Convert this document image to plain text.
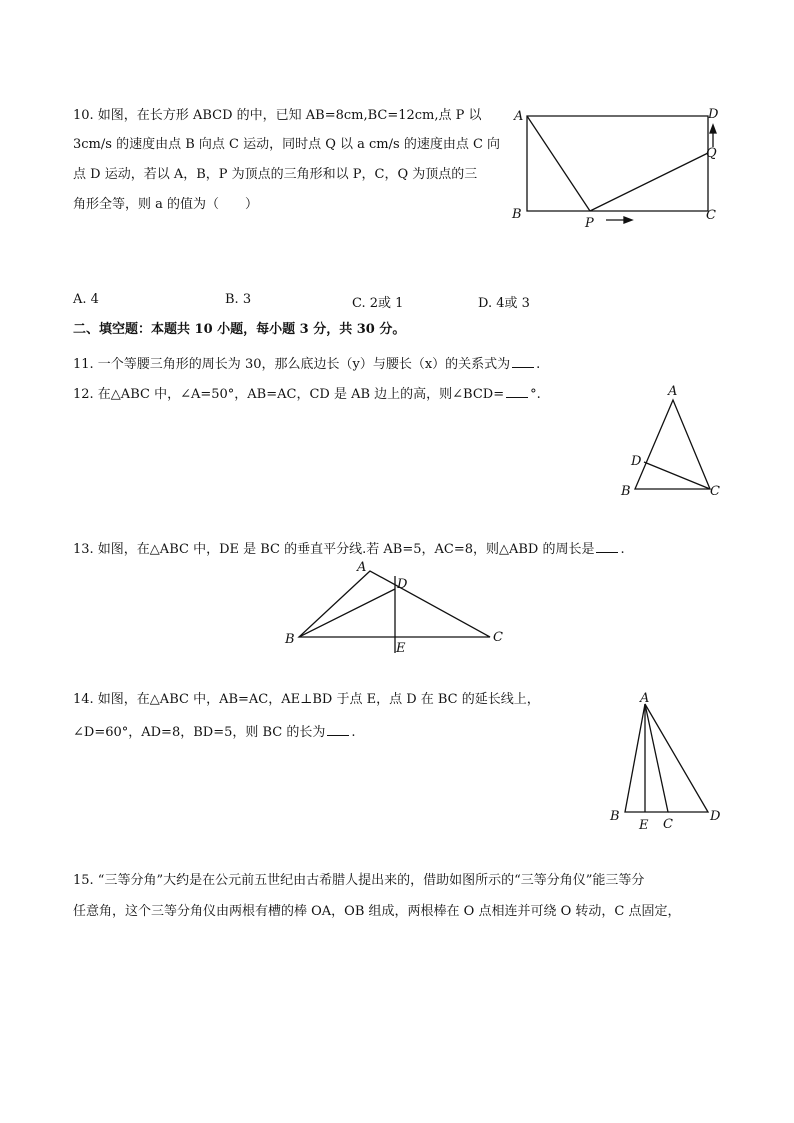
10. 如图，在长方形 ABCD 的中，已知 AB=8cm,BC=12cm,点 P 以
3cm/s 的速度由点 B 向点 C 运动，同时点 Q 以 a cm/s 的速度由点 C 向
点 D 运动，若以 A，B，P 为顶点的三角形和以 P，C，Q 为顶点的三
角形全等，则 a 的值为（　　）
A	D
Q
B
P
C
A. 4	B. 3	C. 2或 1	D. 4或 3
二、填空题：本题共 10 小题，每小题 3 分，共 30 分。
11. 一个等腰三角形的周长为 30，那么底边长（y）与腰长（x）的关系式为 .
12. 在△ABC 中，∠A=50°，AB=AC，CD 是 AB 边上的高，则∠BCD= °.	A
D
B	C
13. 如图，在△ABC 中，DE 是 BC 的垂直平分线.若 AB=5，AC=8，则△ABD 的周长是 .
A
D
B	C
E
14. 如图，在△ABC 中，AB=AC，AE⊥BD 于点 E，点 D 在 BC 的延长线上，
∠D=60°，AD=8，BD=5，则 BC 的长为 .
A
B
E C
D
15. “三等分角”大约是在公元前五世纪由古希腊人提出来的，借助如图所示的“三等分角仪”能三等分
任意角，这个三等分角仪由两根有槽的棒 OA，OB 组成，两根棒在 O 点相连并可绕 O 转动，C 点固定，
